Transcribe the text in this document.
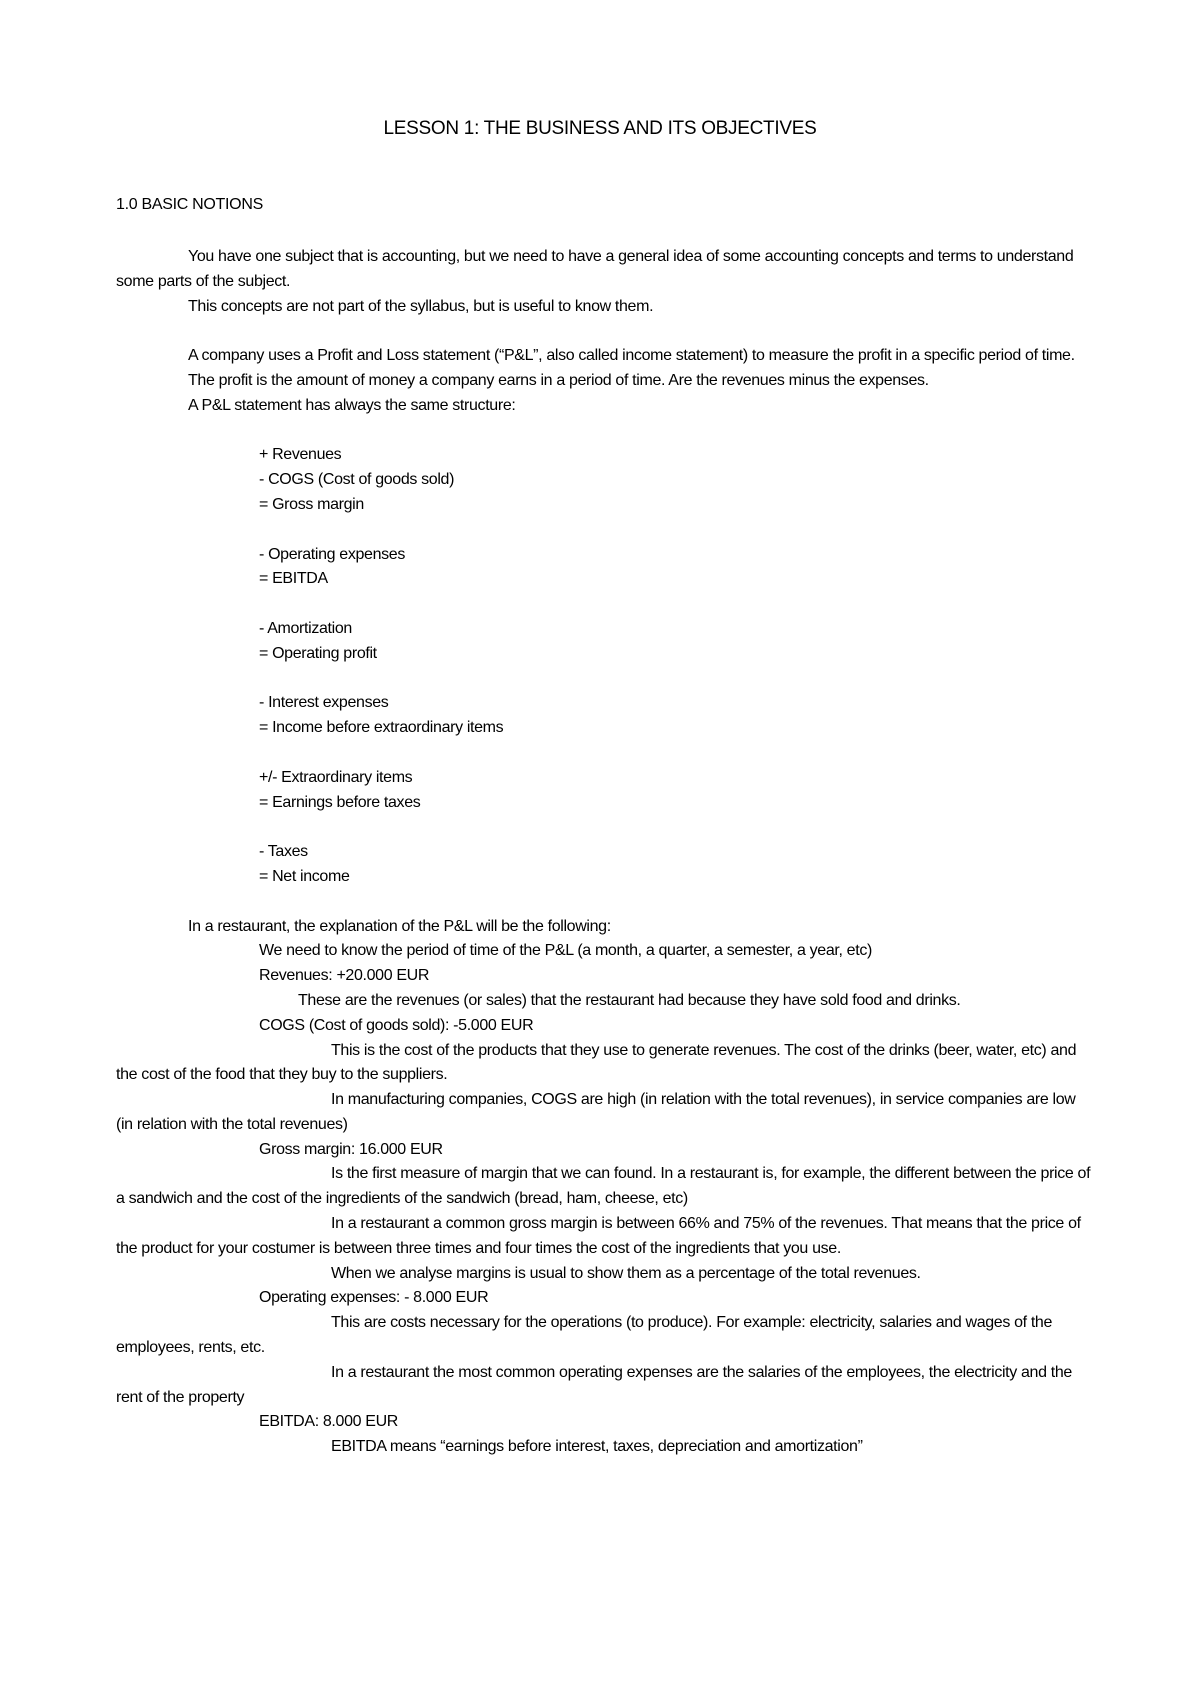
LESSON 1: THE BUSINESS AND ITS OBJECTIVES
1.0 BASIC NOTIONS
You have one subject that is accounting, but we need to have a general idea of some accounting concepts and terms to understand some parts of the subject.
This concepts are not part of the syllabus, but is useful to know them.
A company uses a Profit and Loss statement (“P&L”, also called income statement) to measure the profit in a specific period of time.
The profit is the amount of money a company earns in a period of time. Are the revenues minus the expenses.
A P&L statement has always the same structure:
+ Revenues
- COGS (Cost of goods sold)
= Gross margin
- Operating expenses
= EBITDA
- Amortization
= Operating profit
- Interest expenses
= Income before extraordinary items
+/- Extraordinary items
= Earnings before taxes
- Taxes
= Net income
In a restaurant, the explanation of the P&L will be the following:
We need to know the period of time of the P&L (a month, a quarter, a semester, a year, etc)
Revenues: +20.000 EUR
These are the revenues (or sales) that the restaurant had because they have sold food and drinks.
COGS (Cost of goods sold): -5.000 EUR
This is the cost of the products that they use to generate revenues. The cost of the drinks (beer, water, etc) and the cost of the food that they buy to the suppliers.
In manufacturing companies, COGS are high (in relation with the total revenues), in service companies are low (in relation with the total revenues)
Gross margin: 16.000 EUR
Is the first measure of margin that we can found. In a restaurant is, for example, the different between the price of a sandwich and the cost of the ingredients of the sandwich (bread, ham, cheese, etc)
In a restaurant a common gross margin is between 66% and 75% of the revenues. That means that the price of the product for your costumer is between three times and four times the cost of the ingredients that you use.
When we analyse margins is usual to show them as a percentage of the total revenues.
Operating expenses: - 8.000 EUR
This are costs necessary for the operations (to produce). For example: electricity, salaries and wages of the employees, rents, etc.
In a restaurant the most common operating expenses are the salaries of the employees, the electricity and the rent of the property
EBITDA: 8.000 EUR
EBITDA means “earnings before interest, taxes, depreciation and amortization”
